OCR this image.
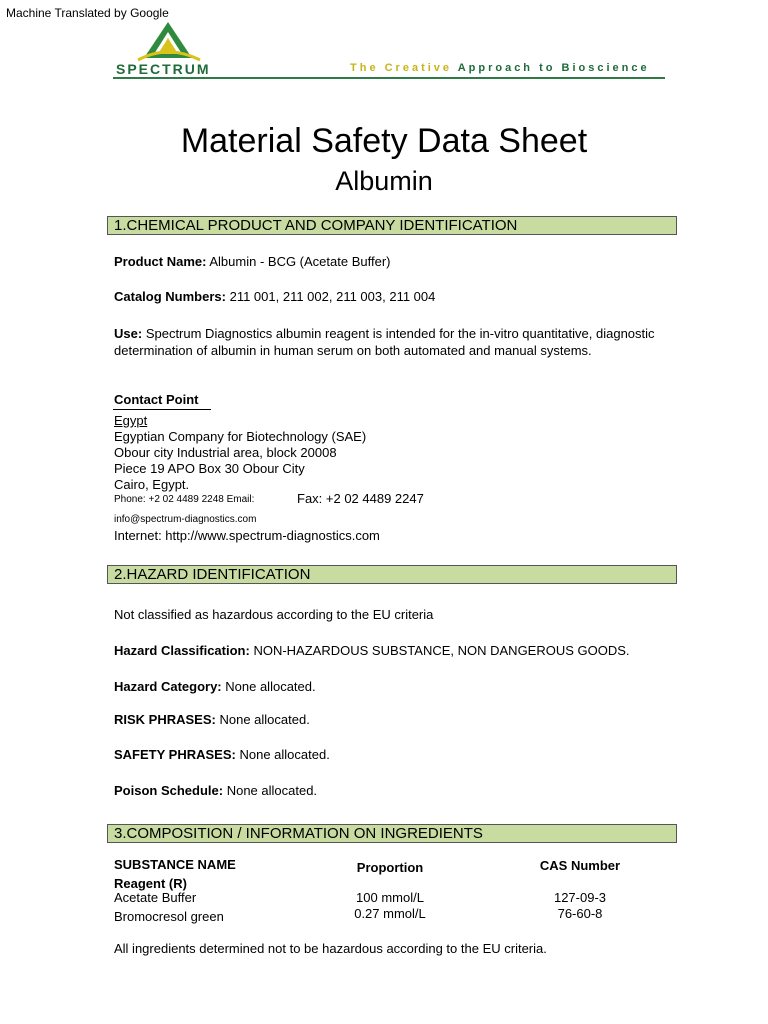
Machine Translated by Google
SPECTRUM	The Creative Approach to Bioscience
Material Safety Data Sheet
Albumin
1.CHEMICAL PRODUCT AND COMPANY IDENTIFICATION
Product Name: Albumin - BCG (Acetate Buffer)
Catalog Numbers: 211 001, 211 002, 211 003, 211 004
Use: Spectrum Diagnostics albumin reagent is intended for the in-vitro quantitative, diagnostic
determination of albumin in human serum on both automated and manual systems.
Contact Point
Egypt
Egyptian Company for Biotechnology (SAE)
Obour city Industrial area, block 20008
Piece 19 APO Box 30 Obour City
Cairo, Egypt.
Phone: +2 02 4489 2248 Email:	Fax: +2 02 4489 2247
info@spectrum-diagnostics.com
Internet: http://www.spectrum-diagnostics.com
2.HAZARD IDENTIFICATION
Not classified as hazardous according to the EU criteria
Hazard Classification: NON-HAZARDOUS SUBSTANCE, NON DANGEROUS GOODS.
Hazard Category: None allocated.
RISK PHRASES: None allocated.
SAFETY PHRASES: None allocated.
Poison Schedule: None allocated.
3.COMPOSITION / INFORMATION ON INGREDIENTS
SUBSTANCE NAME	Proportion	CAS Number
Reagent (R)
Acetate Buffer	100 mmol/L	127-09-3
Bromocresol green	0.27 mmol/L	76-60-8
All ingredients determined not to be hazardous according to the EU criteria.
